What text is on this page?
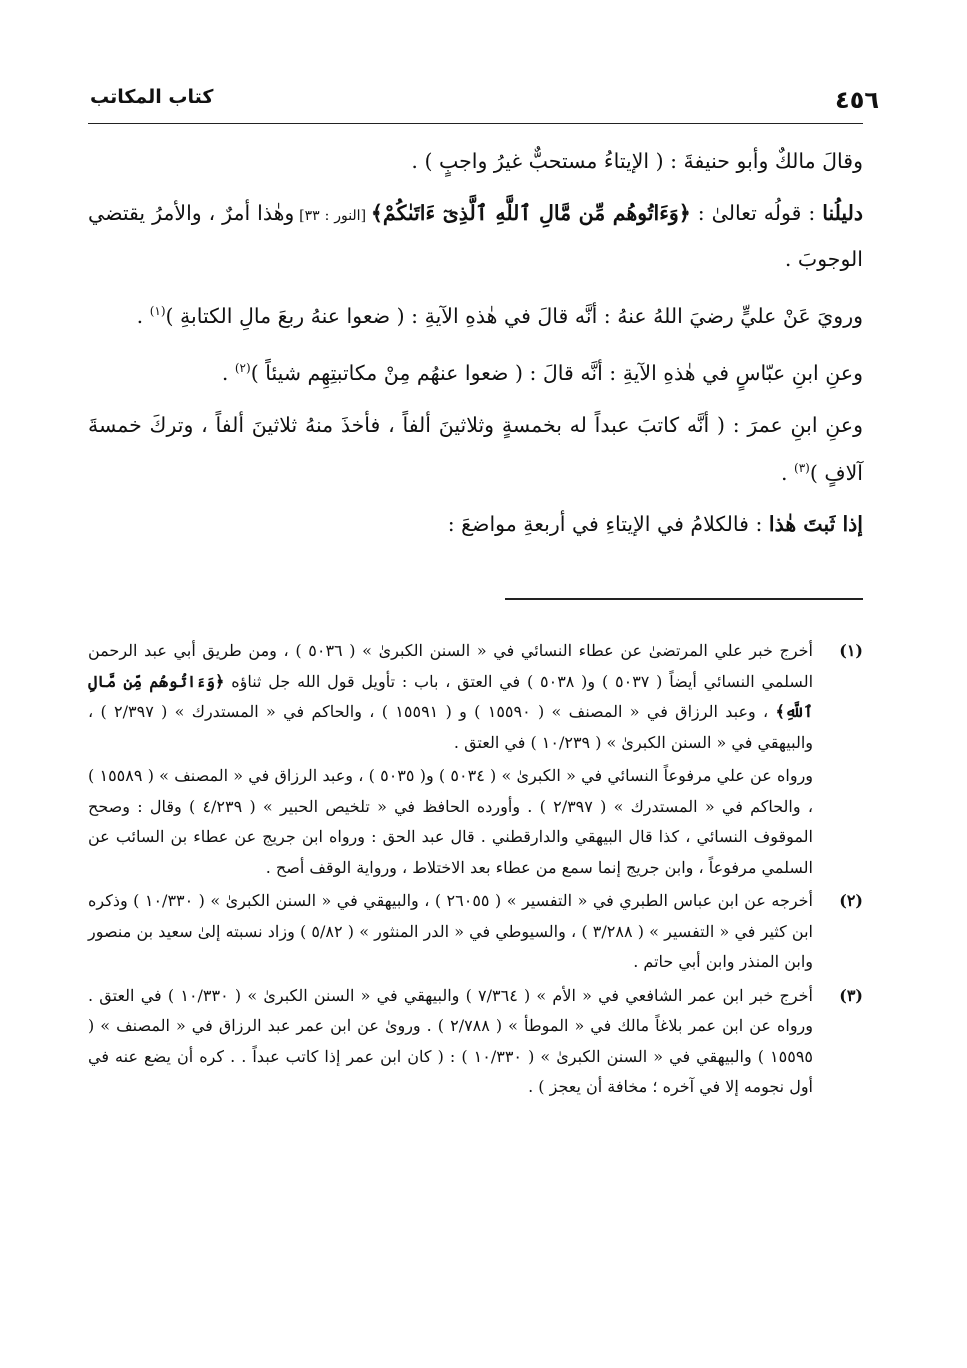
٤٥٦
كتاب المكاتب

وقالَ مالكٌ وأبو حنيفةَ : ( الإيتاءُ مستحبٌّ غيرُ واجبٍ ) .

دليلُنا : قولُه تعالىٰ : ﴿وَءَاتُوهُم مِّن مَّالِ ٱللَّهِ ٱلَّذِىٓ ءَاتَىٰكُمْ﴾ [النور : ٣٣] وهٰذا أمرٌ ، والأمرُ يقتضي الوجوبَ .

ورويَ عَنْ عليٍّ رضيَ اللهُ عنهُ : أنَّه قالَ في هٰذهِ الآيةِ : ( ضعوا عنهُ ربعَ مالِ الكتابةِ )$^{(١)}$ .

وعنِ ابنِ عبّاسٍ في هٰذهِ الآيةِ : أنَّه قالَ : ( ضعوا عنهُم مِنْ مكاتبتِهِم شيئاً )$^{(٢)}$ .

وعنِ ابنِ عمرَ : ( أنَّه كاتبَ عبداً له بخمسةٍ وثلاثينَ ألفاً ، فأخذَ منهُ ثلاثينَ ألفاً ، وتركَ خمسةَ آلافٍ )$^{(٣)}$ .

إذا ثَبتَ هٰذا : فالكلامُ في الإيتاءِ في أربعةِ مواضعَ :

(١)

أخرج خبر علي المرتضىٰ عن عطاء النسائي في « السنن الكبرىٰ » ( ٥٠٣٦ ) ، ومن طريق أبي عبد الرحمن السلمي النسائي أيضاً ( ٥٠٣٧ ) و( ٥٠٣٨ ) في العتق ، باب : تأويل قول الله جل ثناؤه ﴿وَءَاتُوهُم مِّن مَّالِ ٱللَّهِ﴾ ، وعبد الرزاق في « المصنف » ( ١٥٥٩٠ ) و ( ١٥٥٩١ ) ، والحاكم في « المستدرك » ( ٢/٣٩٧ ) ، والبيهقي في « السنن الكبرىٰ » ( ١٠/٢٣٩ ) في العتق .

ورواه عن علي مرفوعاً النسائي في « الكبرىٰ » ( ٥٠٣٤ ) و( ٥٠٣٥ ) ، وعبد الرزاق في « المصنف » ( ١٥٥٨٩ ) ، والحاكم في « المستدرك » ( ٢/٣٩٧ ) . وأورده الحافظ في « تلخيص الحبير » ( ٤/٢٣٩ ) وقال : وصحح الموقوف النسائي ، كذا قال البيهقي والدارقطني . قال عبد الحق : ورواه ابن جريج عن عطاء بن السائب عن السلمي مرفوعاً ، وابن جريج إنما سمع من عطاء بعد الاختلاط ، ورواية الوقف أصح .

(٢)

أخرجه عن ابن عباس الطبري في « التفسير » ( ٢٦٠٥٥ ) ، والبيهقي في « السنن الكبرىٰ » ( ١٠/٣٣٠ ) وذكره ابن كثير في « التفسير » ( ٣/٢٨٨ ) ، والسيوطي في « الدر المنثور » ( ٥/٨٢ ) وزاد نسبته إلىٰ سعيد بن منصور وابن المنذر وابن أبي حاتم .

(٣)

أخرج خبر ابن عمر الشافعي في « الأم » ( ٧/٣٦٤ ) والبيهقي في « السنن الكبرىٰ » ( ١٠/٣٣٠ ) في العتق . ورواه عن ابن عمر بلاغاً مالك في « الموطأ » ( ٢/٧٨٨ ) . وروىٰ عن ابن عمر عبد الرزاق في « المصنف » ( ١٥٥٩٥ ) والبيهقي في « السنن الكبرىٰ » ( ١٠/٣٣٠ ) : ( كان ابن عمر إذا كاتب عبداً . . كره أن يضع عنه في أول نجومه إلا في آخره ؛ مخافة أن يعجز ) .
